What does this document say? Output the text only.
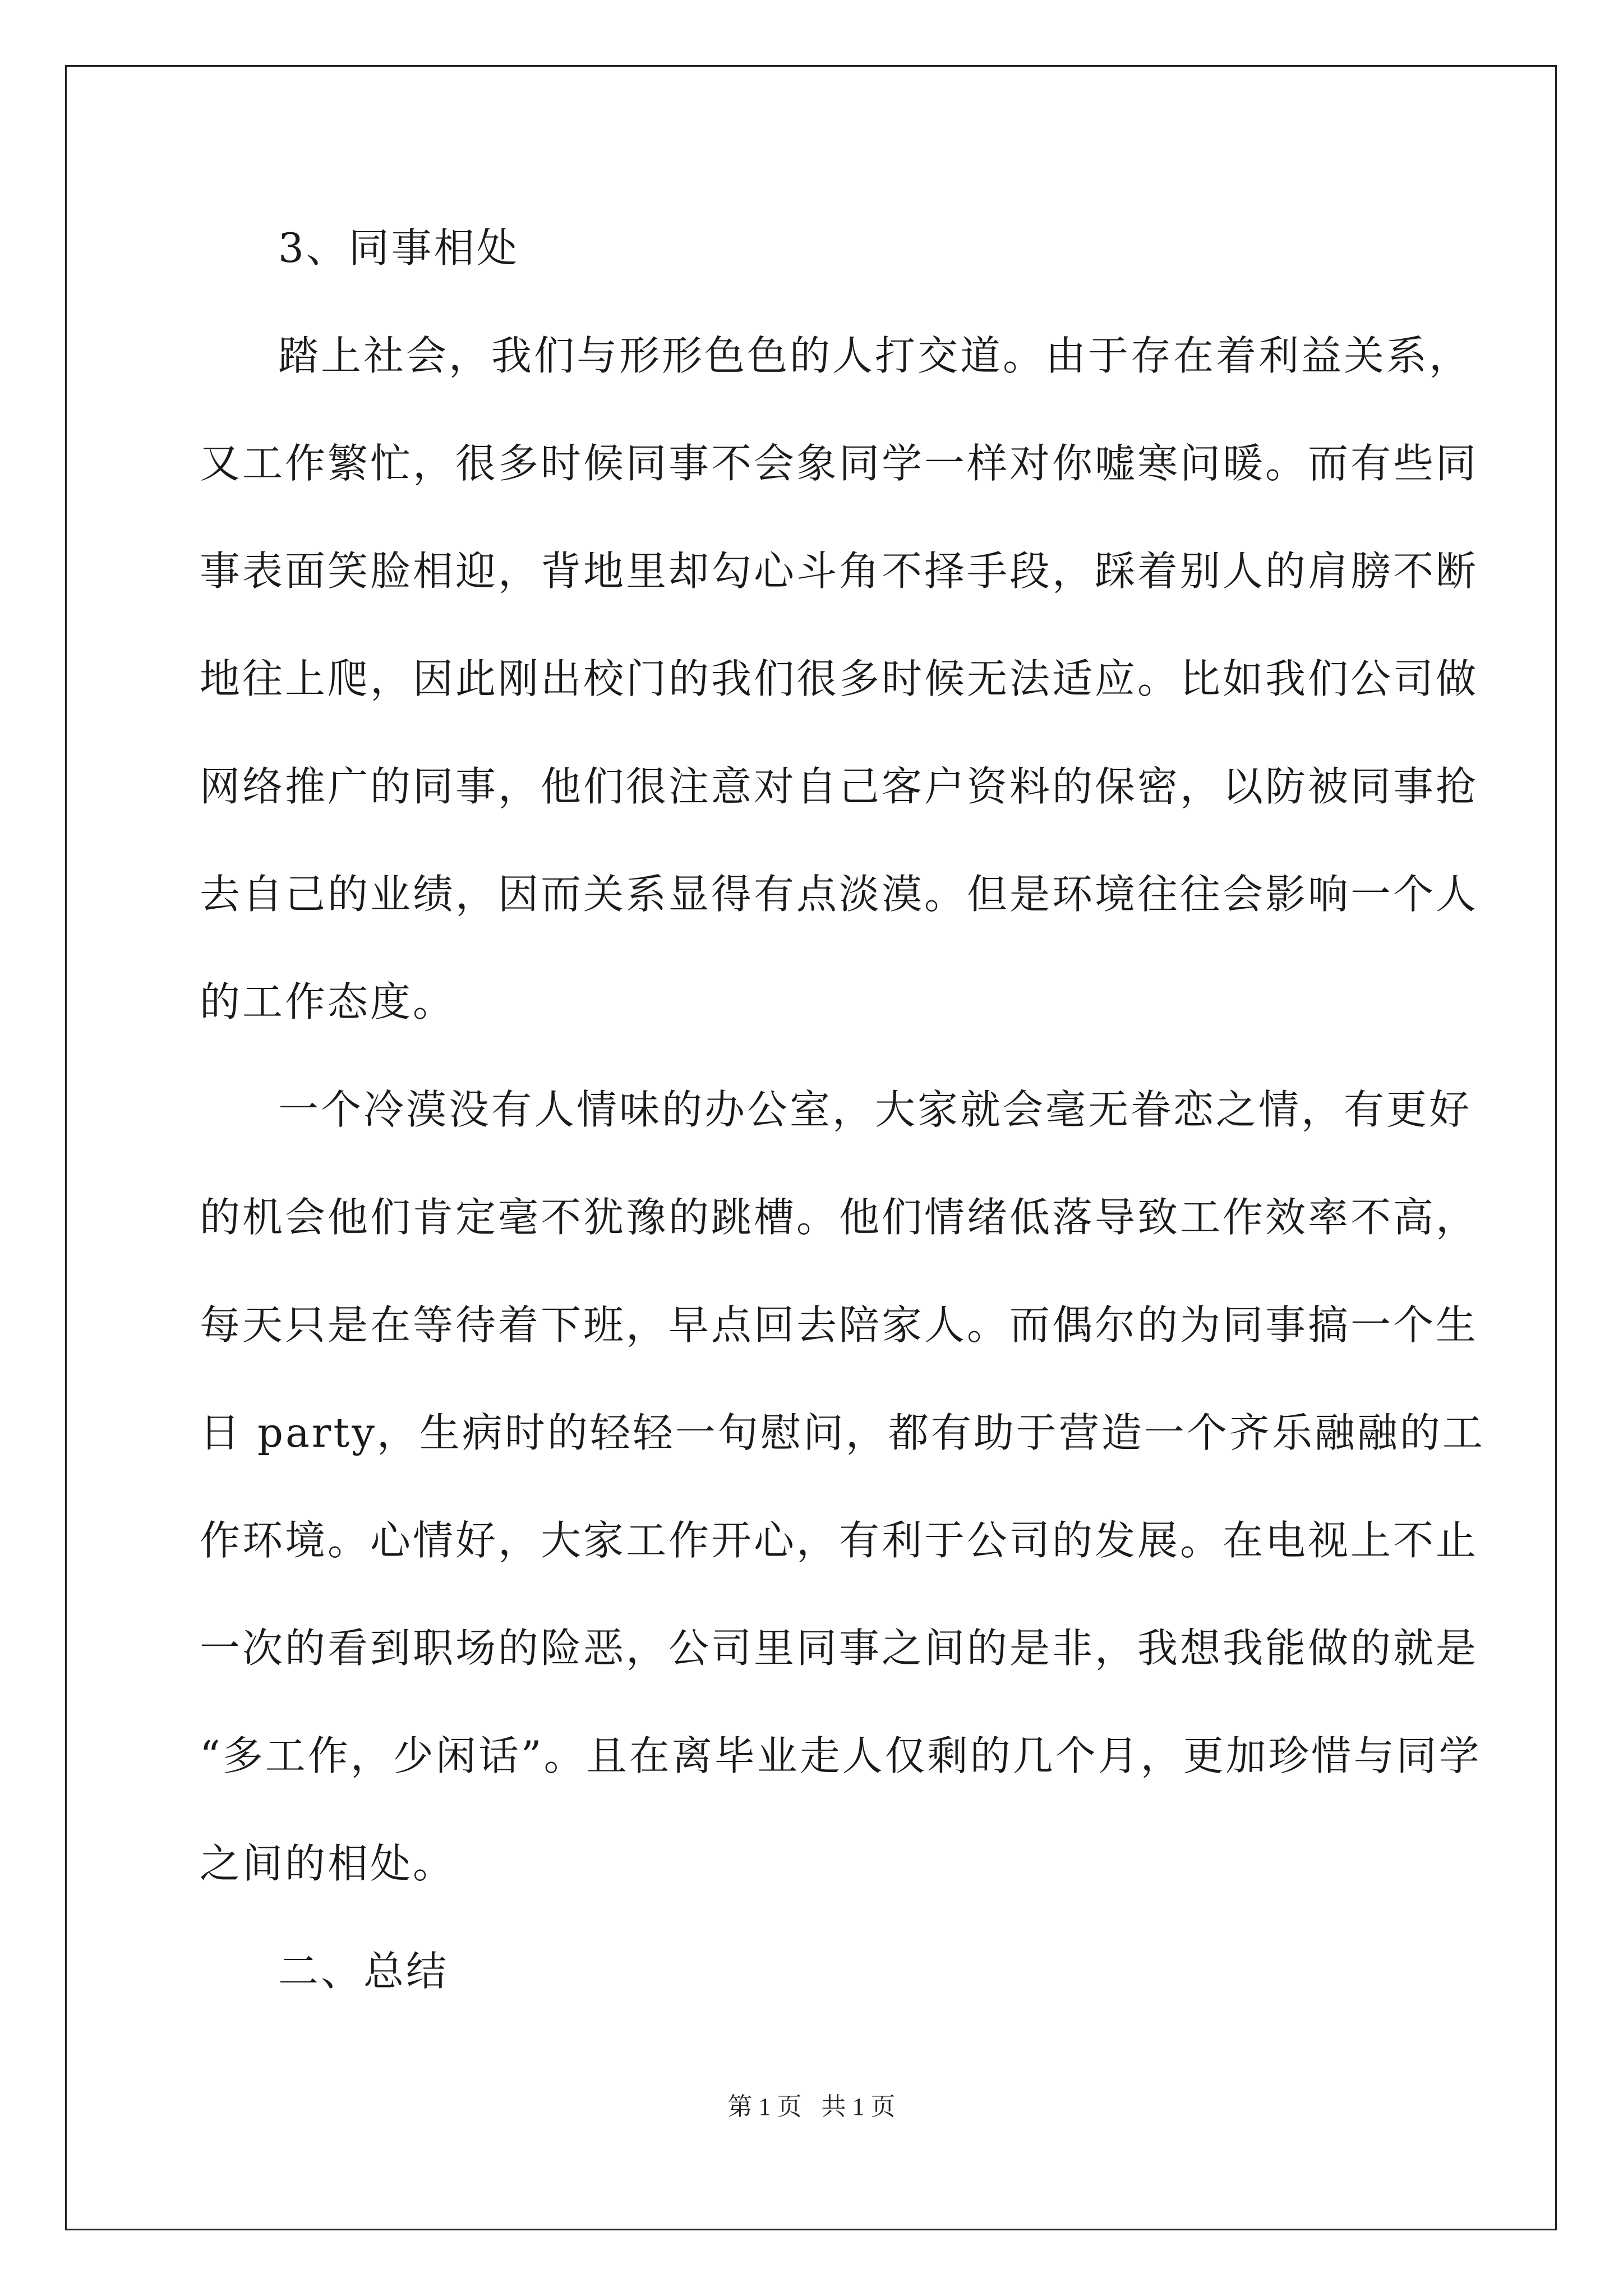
3、同事相处
踏上社会，我们与形形色色的人打交道。由于存在着利益关系，
又工作繁忙，很多时候同事不会象同学一样对你嘘寒问暖。而有些同
事表面笑脸相迎，背地里却勾心斗角不择手段，踩着别人的肩膀不断
地往上爬，因此刚出校门的我们很多时候无法适应。比如我们公司做
网络推广的同事，他们很注意对自己客户资料的保密，以防被同事抢
去自己的业绩，因而关系显得有点淡漠。但是环境往往会影响一个人
的工作态度。
一个冷漠没有人情味的办公室，大家就会毫无眷恋之情，有更好
的机会他们肯定毫不犹豫的跳槽。他们情绪低落导致工作效率不高，
每天只是在等待着下班，早点回去陪家人。而偶尔的为同事搞一个生
日 party，生病时的轻轻一句慰问，都有助于营造一个齐乐融融的工
作环境。心情好，大家工作开心，有利于公司的发展。在电视上不止
一次的看到职场的险恶，公司里同事之间的是非，我想我能做的就是
“多工作，少闲话”。且在离毕业走人仅剩的几个月，更加珍惜与同学
之间的相处。
二、总结
第 1 页 共 1 页
